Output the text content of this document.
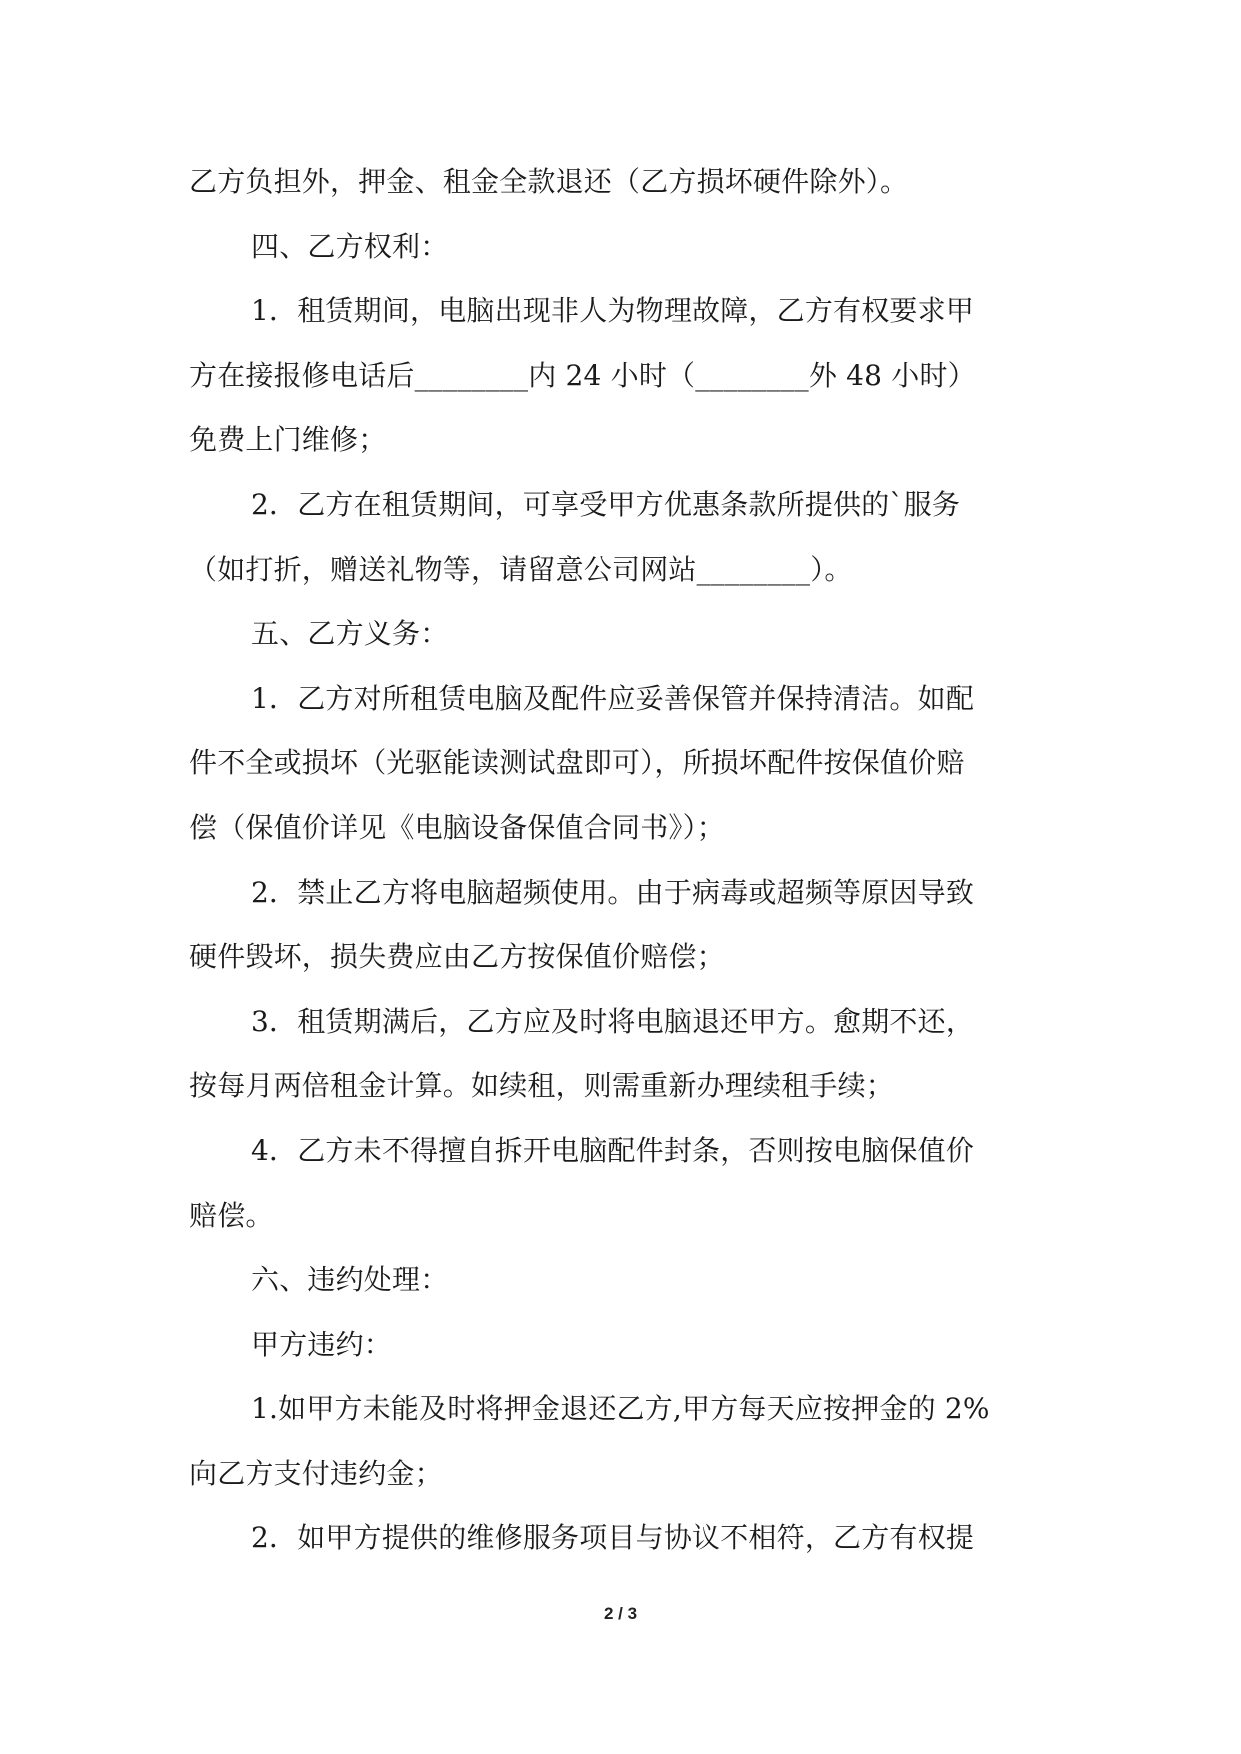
乙方负担外，押金、租金全款退还（乙方损坏硬件除外）。
四、乙方权利：
1．租赁期间，电脑出现非人为物理故障，乙方有权要求甲
方在接报修电话后________内 24 小时（________外 48 小时）
免费上门维修；
2．乙方在租赁期间，可享受甲方优惠条款所提供的`服务
（如打折，赠送礼物等，请留意公司网站________）。
五、乙方义务：
1．乙方对所租赁电脑及配件应妥善保管并保持清洁。如配
件不全或损坏（光驱能读测试盘即可），所损坏配件按保值价赔
偿（保值价详见《电脑设备保值合同书》）；
2．禁止乙方将电脑超频使用。由于病毒或超频等原因导致
硬件毁坏，损失费应由乙方按保值价赔偿；
3．租赁期满后，乙方应及时将电脑退还甲方。愈期不还，
按每月两倍租金计算。如续租，则需重新办理续租手续；
4．乙方未不得擅自拆开电脑配件封条，否则按电脑保值价
赔偿。
六、违约处理：
甲方违约：
1.如甲方未能及时将押金退还乙方,甲方每天应按押金的 2%
向乙方支付违约金；
2．如甲方提供的维修服务项目与协议不相符，乙方有权提
2 / 3
